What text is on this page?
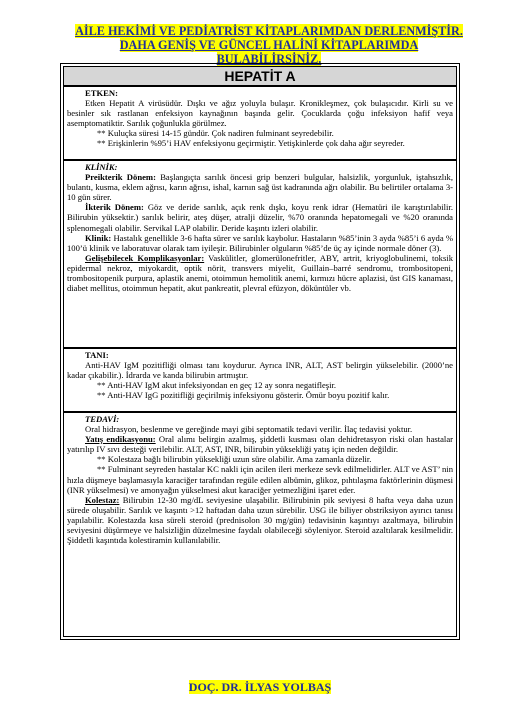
AİLE HEKİMİ VE PEDİATRİST KİTAPLARIMDAN DERLENMİŞTİR.
DAHA GENİŞ VE GÜNCEL HALİNİ KİTAPLARIMDA BULABİLİRSİNİZ.
HEPATİT A

ETKEN:

Etken Hepatit A virüsüdür. Dışkı ve ağız yoluyla bulaşır. Kronikleşmez, çok bulaşıcıdır. Kirli su ve besinler sık rastlanan enfeksiyon kaynağının başında gelir. Çocuklarda çoğu infeksiyon hafif veya asemptomatiktir. Sarılık çoğunlukla görülmez.

** Kuluçka süresi 14-15 gündür. Çok nadiren fulminant seyredebilir.

** Erişkinlerin %95’i HAV enfeksiyonu geçirmiştir. Yetişkinlerde çok daha ağır seyreder.

KLİNİK:

Preikterik Dönem: Başlangıçta sarılık öncesi grip benzeri bulgular, halsizlik, yorgunluk, iştahsızlık, bulantı, kusma, eklem ağrısı, karın ağrısı, ishal, karnın sağ üst kadranında ağrı olabilir. Bu belirtiler ortalama 3-10 gün sürer.

İkterik Dönem: Göz ve deride sarılık, açık renk dışkı, koyu renk idrar (Hematüri ile karıştırılabilir. Bilirubin yüksektir.) sarılık belirir, ateş düşer, atralji düzelir, %70 oranında hepatomegali ve %20 oranında splenomegali olabilir. Servikal LAP olabilir. Deride kaşıntı izleri olabilir.

Klinik: Hastalık genellikle 3-6 hafta sürer ve sarılık kaybolur. Hastaların %85’inin 3 ayda %85’i 6 ayda % 100’ü klinik ve laboratuvar olarak tam iyileşir. Bilirubinler olguların %85’de üç ay içinde normale döner (3).

Gelişebilecek Komplikasyonlar: Vaskülitler, glomerülonefritler, ABY, artrit, kriyoglobulinemi, toksik epidermal nekroz, miyokardit, optik nörit, transvers miyelit, Guillain–barré sendromu, trombositopeni, trombositopenik purpura, aplastik anemi, otoimmun hemolitik anemi, kırmızı hücre aplazisi, üst GIS kanaması, diabet mellitus, otoimmun hepatit, akut pankreatit, plevral efüzyon, döküntüler vb.

TANI:

Anti-HAV IgM pozitifliği olması tanı koydurur. Ayrıca INR, ALT, AST belirgin yükselebilir. (2000’ne kadar çıkabilir.). İdrarda ve kanda bilirubin artmıştır.

** Anti-HAV IgM akut infeksiyondan en geç 12 ay sonra negatifleşir.

** Anti-HAV IgG pozitifliği geçirilmiş infeksiyonu gösterir. Ömür boyu pozitif kalır.

TEDAVİ:

Oral hidrasyon, beslenme ve gereğinde mayi gibi septomatik tedavi verilir. İlaç tedavisi yoktur.

Yatış endikasyonu: Oral alımı belirgin azalmış, şiddetli kusması olan dehidretasyon riski olan hastalar yatırılıp IV sıvı desteği verilebilir. ALT, AST, INR, bilirubin yüksekliği yatış için neden değildir.

** Kolestaza bağlı bilirubin yüksekliği uzun süre olabilir. Ama zamanla düzelir.

** Fulminant seyreden hastalar KC nakli için acilen ileri merkeze sevk edilmelidirler. ALT ve AST’ nin hızla düşmeye başlamasıyla karaciğer tarafından regüle edilen albümin, glikoz, pıhtılaşma faktörlerinin düşmesi (INR yükselmesi) ve amonyağın yükselmesi akut karaciğer yetmezliğini işaret eder.

Kolestaz: Bilirubin 12-30 mg/dL seviyesine ulaşabilir. Bilirubinin pik seviyesi 8 hafta veya daha uzun sürede oluşabilir. Sarılık ve kaşıntı >12 haftadan daha uzun sürebilir. USG ile biliyer obstriksiyon ayırıcı tanısı yapılabilir. Kolestazda kısa süreli steroid (prednisolon 30 mg/gün) tedavisinin kaşıntıyı azaltmaya, bilirubin seviyesini düşürmeye ve halsizliğin düzelmesine faydalı olabileceği söyleniyor. Steroid azaltılarak kesilmelidir. Şiddetli kaşıntıda kolestiramin kullanılabilir.

DOÇ. DR. İLYAS YOLBAŞ
